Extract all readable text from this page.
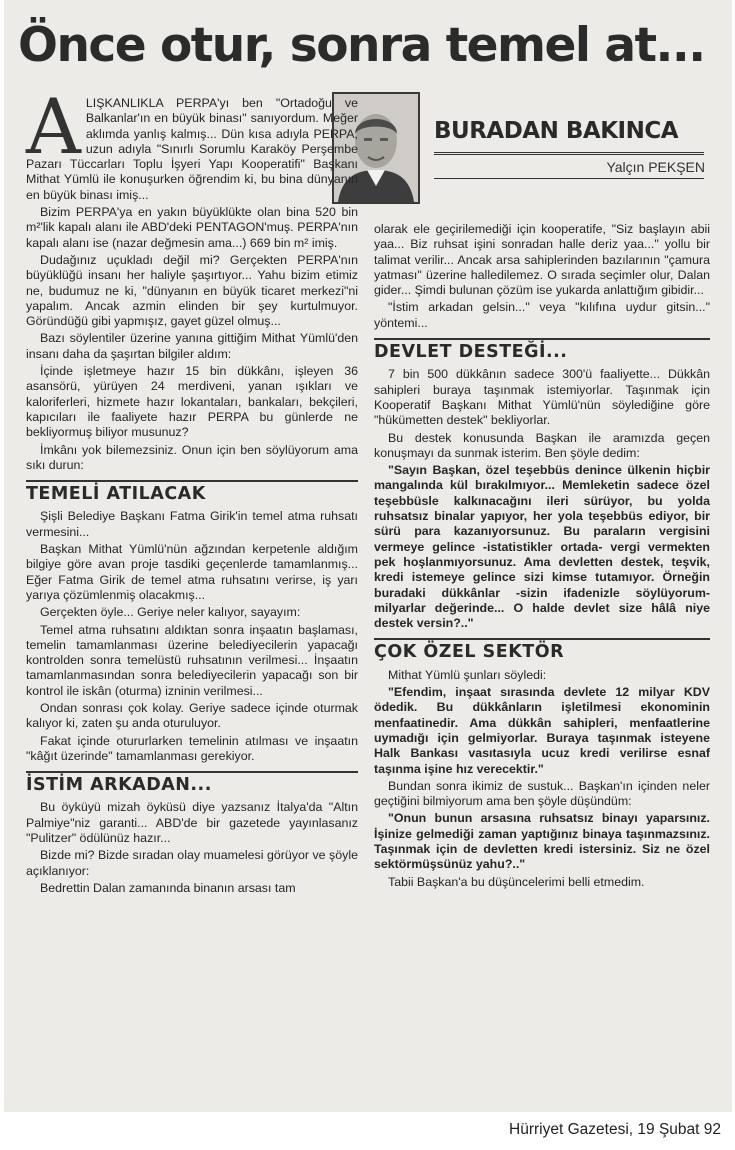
Önce otur, sonra temel at...
BURADAN BAKINCA
Yalçın PEKŞEN

ALIŞKANLIKLA PERPA'yı ben "Ortadoğu ve Balkanlar'ın en büyük binası" sanıyordum. Meğer aklımda yanlış kalmış... Dün kısa adıyla PERPA, uzun adıyla "Sınırlı Sorumlu Karaköy Perşembe Pazarı Tüccarları Toplu İşyeri Yapı Kooperatifi" Başkanı Mithat Yümlü ile konuşurken öğrendim ki, bu bina dünyanın en büyük binası imiş...

Bizim PERPA'ya en yakın büyüklükte olan bina 520 bin m²'lik kapalı alanı ile ABD'deki PENTAGON'muş. PERPA'nın kapalı alanı ise (nazar değmesin ama...) 669 bin m² imiş.

Dudağınız uçukladı değil mi? Gerçekten PERPA'nın büyüklüğü insanı her haliyle şaşırtıyor... Yahu bizim etimiz ne, budumuz ne ki, "dünyanın en büyük ticaret merkezi"ni yapalım. Ancak azmin elinden bir şey kurtulmuyor. Göründüğü gibi yapmışız, gayet güzel olmuş...

Bazı söylentiler üzerine yanına gittiğim Mithat Yümlü'den insanı daha da şaşırtan bilgiler aldım:

İçinde işletmeye hazır 15 bin dükkânı, işleyen 36 asansörü, yürüyen 24 merdiveni, yanan ışıkları ve kaloriferleri, hizmete hazır lokantaları, bankaları, bekçileri, kapıcıları ile faaliyete hazır PERPA bu günlerde ne bekliyormuş biliyor musunuz?

İmkânı yok bilemezsiniz. Onun için ben söylüyorum ama sıkı durun:

TEMELİ ATILACAK

Şişli Belediye Başkanı Fatma Girik'in temel atma ruhsatı vermesini...

Başkan Mithat Yümlü'nün ağzından kerpetenle aldığım bilgiye göre avan proje tasdiki geçenlerde tamamlanmış... Eğer Fatma Girik de temel atma ruhsatını verirse, iş yarı yarıya çözümlenmiş olacakmış...

Gerçekten öyle... Geriye neler kalıyor, sayayım:

Temel atma ruhsatını aldıktan sonra inşaatın başlaması, temelin tamamlanması üzerine belediyecilerin yapacağı kontrolden sonra temelüstü ruhsatının verilmesi... İnşaatın tamamlanmasından sonra belediyecilerin yapacağı son bir kontrol ile iskân (oturma) izninin verilmesi...

Ondan sonrası çok kolay. Geriye sadece içinde oturmak kalıyor ki, zaten şu anda oturuluyor.

Fakat içinde otururlarken temelinin atılması ve inşaatın "kâğıt üzerinde" tamamlanması gerekiyor.

İSTİM ARKADAN...

Bu öyküyü mizah öyküsü diye yazsanız İtalya'da "Altın Palmiye"niz garanti... ABD'de bir gazetede yayınlasanız "Pulitzer" ödülünüz hazır...

Bizde mi? Bizde sıradan olay muamelesi görüyor ve şöyle açıklanıyor:

Bedrettin Dalan zamanında binanın arsası tam

olarak ele geçirilemediği için kooperatife, "Siz başlayın abii yaa... Biz ruhsat işini sonradan halle deriz yaa..." yollu bir talimat verilir... Ancak arsa sahiplerinden bazılarının "çamura yatması" üzerine halledilemez. O sırada seçimler olur, Dalan gider... Şimdi bulunan çözüm ise yukarda anlattığım gibidir...

"İstim arkadan gelsin..." veya "kılıfına uydur gitsin..." yöntemi...

DEVLET DESTEĞİ...

7 bin 500 dükkânın sadece 300'ü faaliyette... Dükkân sahipleri buraya taşınmak istemiyorlar. Taşınmak için Kooperatif Başkanı Mithat Yümlü'nün söylediğine göre "hükümetten destek" bekliyorlar.

Bu destek konusunda Başkan ile aramızda geçen konuşmayı da sunmak isterim. Ben şöyle dedim:

"Sayın Başkan, özel teşebbüs denince ülkenin hiçbir mangalında kül bırakılmıyor... Memleketin sadece özel teşebbüsle kalkınacağını ileri sürüyor, bu yolda ruhsatsız binalar yapıyor, her yola teşebbüs ediyor, bir sürü para kazanıyorsunuz. Bu paraların vergisini vermeye gelince -istatistikler ortada- vergi vermekten pek hoşlanmıyorsunuz. Ama devletten destek, teşvik, kredi istemeye gelince sizi kimse tutamıyor. Örneğin buradaki dükkânlar -sizin ifadenizle söylüyorum- milyarlar değerinde... O halde devlet size hâlâ niye destek versin?.."

ÇOK ÖZEL SEKTÖR

Mithat Yümlü şunları söyledi:

"Efendim, inşaat sırasında devlete 12 milyar KDV ödedik. Bu dükkânların işletilmesi ekonominin menfaatinedir. Ama dükkân sahipleri, menfaatlerine uymadığı için gelmiyorlar. Buraya taşınmak isteyene Halk Bankası vasıtasıyla ucuz kredi verilirse esnaf taşınma işine hız verecektir."

Bundan sonra ikimiz de sustuk... Başkan'ın içinden neler geçtiğini bilmiyorum ama ben şöyle düşündüm:

"Onun bunun arsasına ruhsatsız binayı yaparsınız. İşinize gelmediği zaman yaptığınız binaya taşınmazsınız. Taşınmak için de devletten kredi istersiniz. Siz ne özel sektörmüşsünüz yahu?.."

Tabii Başkan'a bu düşüncelerimi belli etmedim.

Hürriyet Gazetesi, 19 Şubat 92
